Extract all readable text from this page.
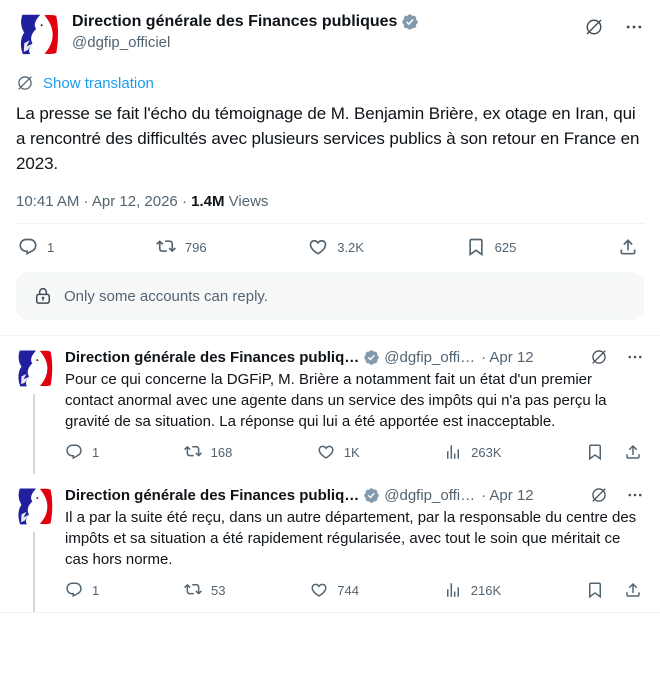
Direction générale des Finances publiques
@dgfip_officiel
Show translation
La presse se fait l'écho du témoignage de M. Benjamin Brière, ex otage en Iran, qui a rencontré des difficultés avec plusieurs services publics à son retour en France en 2023.
10:41 AM · Apr 12, 2026 · 1.4M Views
1	796	3.2K	625
Only some accounts can reply.
Direction générale des Finances publiq… @dgfip_offi… · Apr 12
Pour ce qui concerne la DGFiP, M. Brière a notamment fait un état d'un premier contact anormal avec une agente dans un service des impôts qui n'a pas perçu la gravité de sa situation. La réponse qui lui a été apportée est inacceptable.
1	168	1K	263K
Direction générale des Finances publiq… @dgfip_offi… · Apr 12
Il a par la suite été reçu, dans un autre département, par la responsable du centre des impôts et sa situation a été rapidement régularisée, avec tout le soin que méritait ce cas hors norme.
1	53	744	216K
